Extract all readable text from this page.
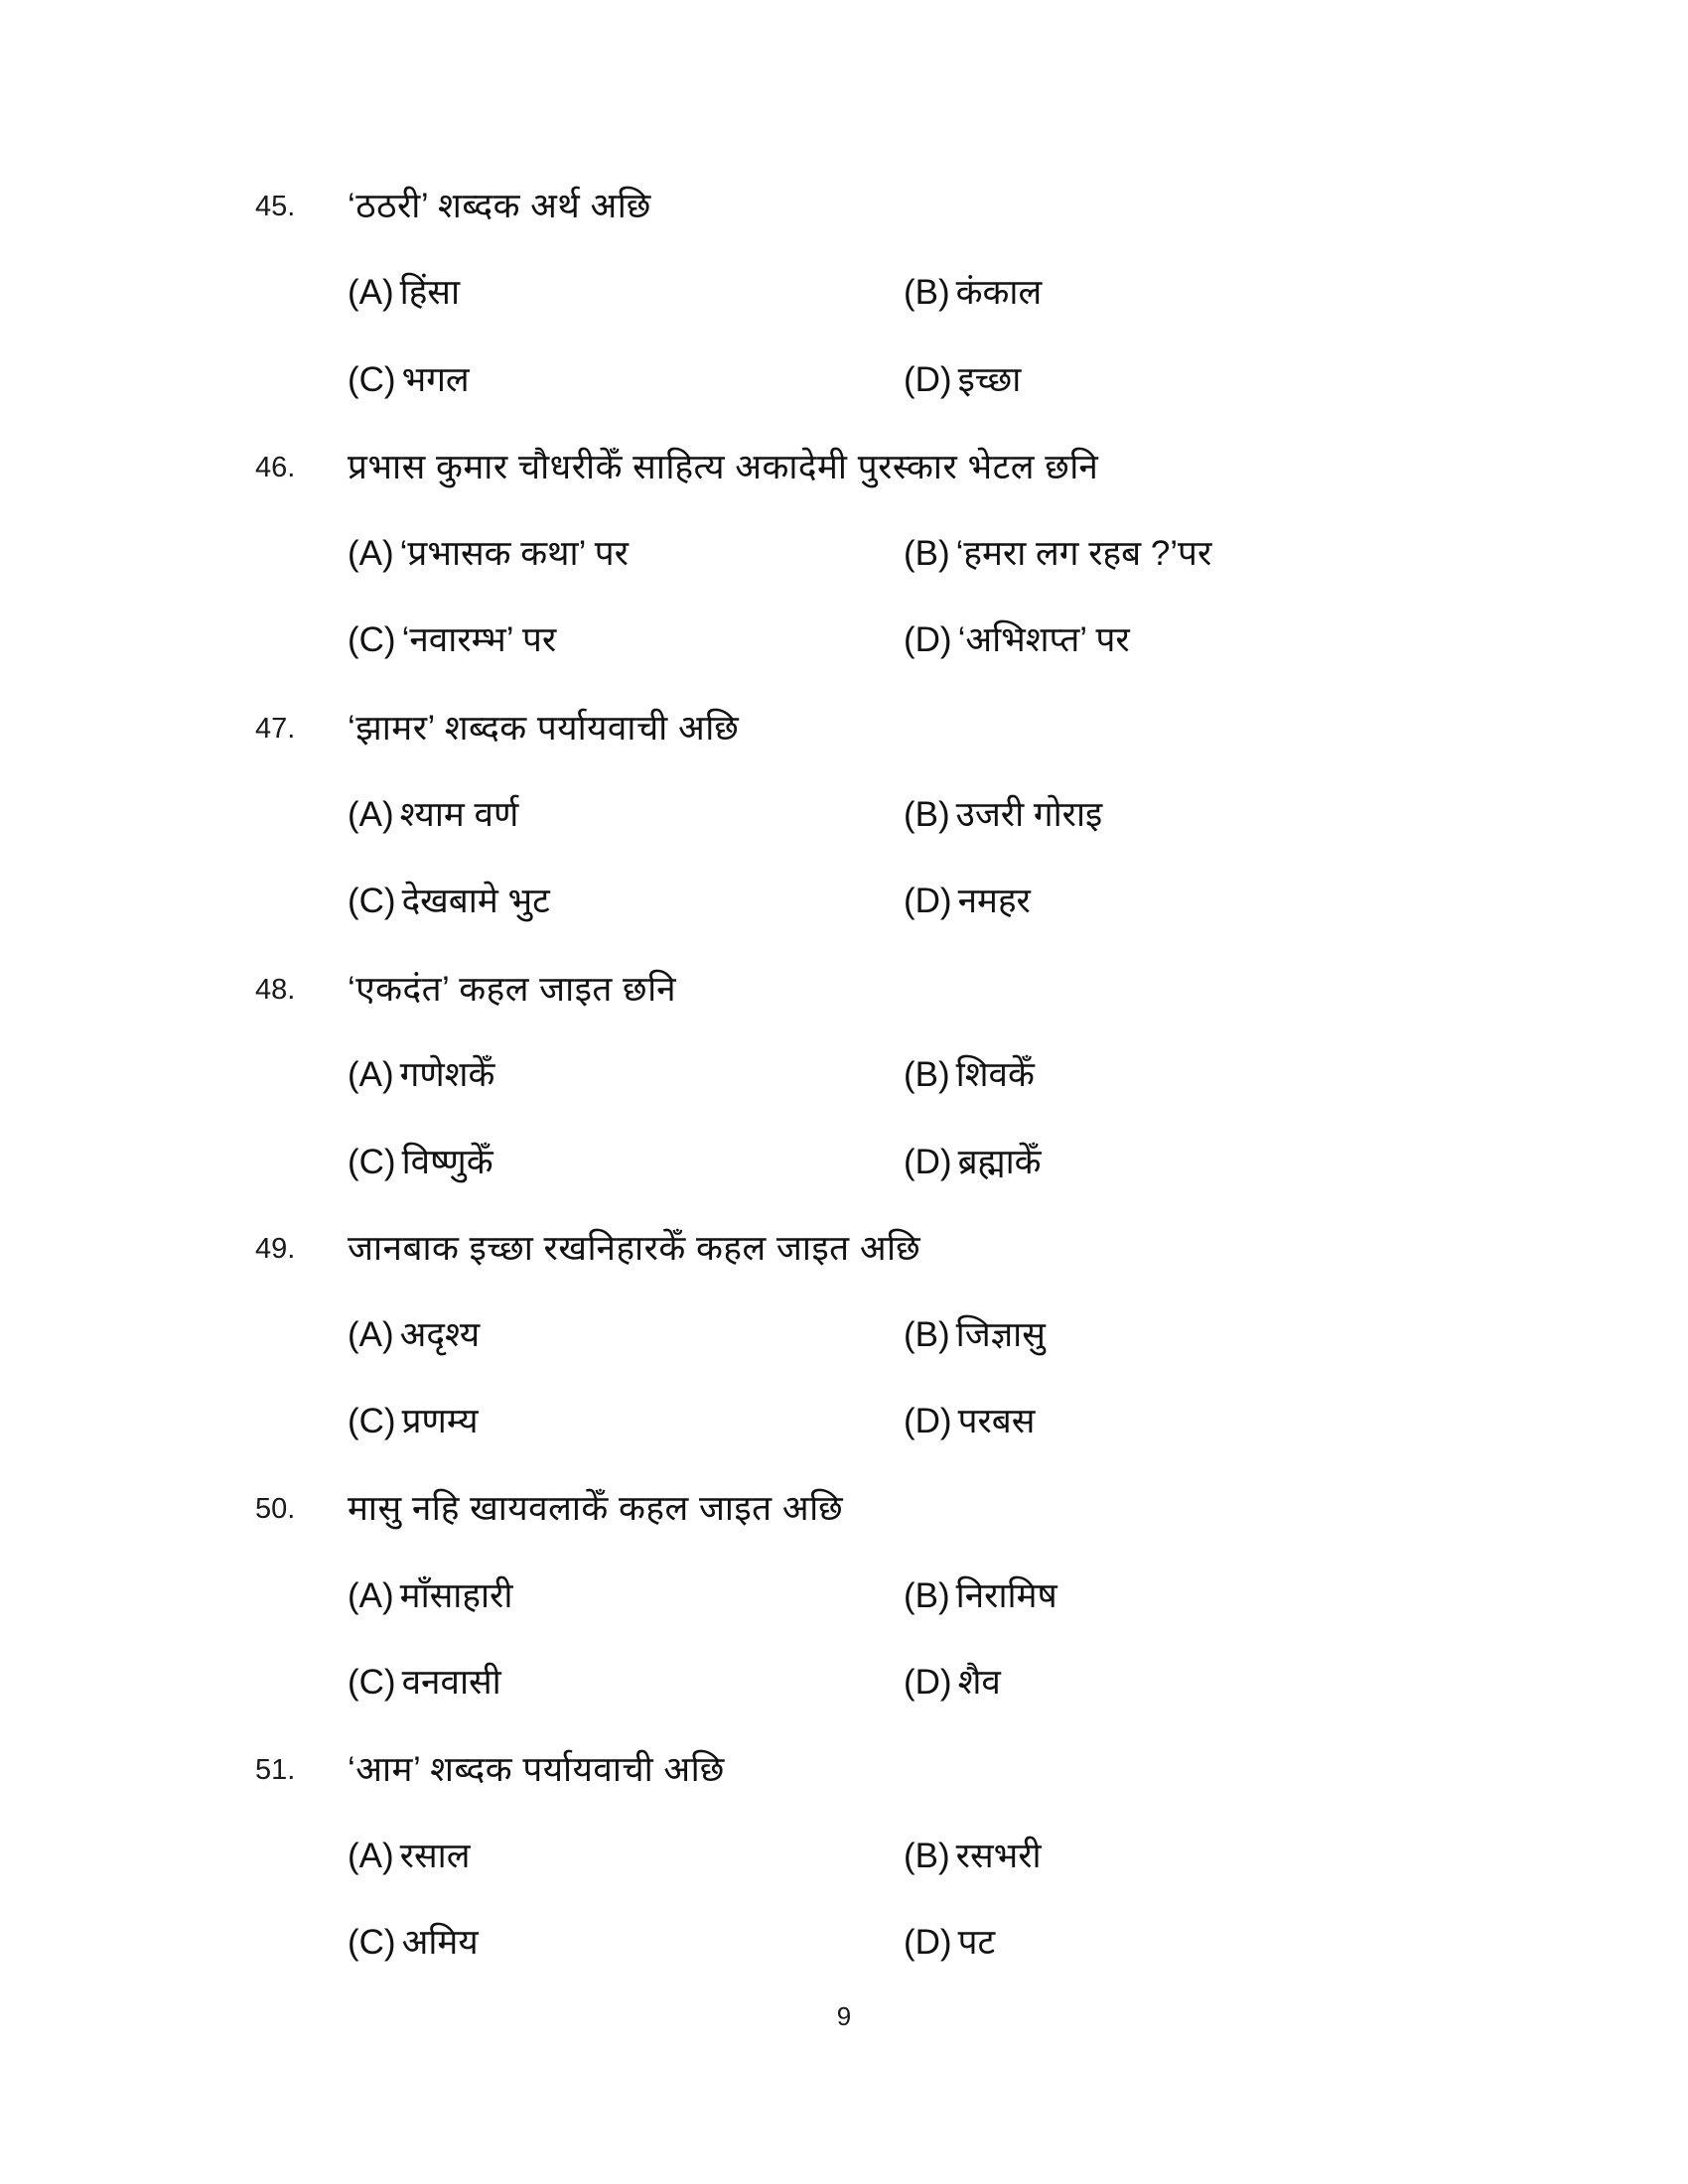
45. ‘ठठरी’ शब्दक अर्थ अछि
(A) हिंसा	(B) कंकाल
(C) भगल	(D) इच्छा
46. प्रभास कुमार चौधरीकेँ साहित्य अकादेमी पुरस्कार भेटल छनि
(A) ‘प्रभासक कथा’ पर	(B) ‘हमरा लग रहब ?’पर
(C) ‘नवारम्भ’ पर	(D) ‘अभिशप्त’ पर
47. ‘झामर’ शब्दक पर्यायवाची अछि
(A) श्याम वर्ण	(B) उजरी गोराइ
(C) देखबामे भुट	(D) नमहर
48. ‘एकदंत’ कहल जाइत छनि
(A) गणेशकेँ	(B) शिवकेँ
(C) विष्णुकेँ	(D) ब्रह्माकेँ
49. जानबाक इच्छा रखनिहारकेँ कहल जाइत अछि
(A) अदृश्य	(B) जिज्ञासु
(C) प्रणम्य	(D) परबस
50. मासु नहि खायवलाकेँ कहल जाइत अछि
(A) माँसाहारी	(B) निरामिष
(C) वनवासी	(D) शैव
51. ‘आम’ शब्दक पर्यायवाची अछि
(A) रसाल	(B) रसभरी
(C) अमिय	(D) पट
9
